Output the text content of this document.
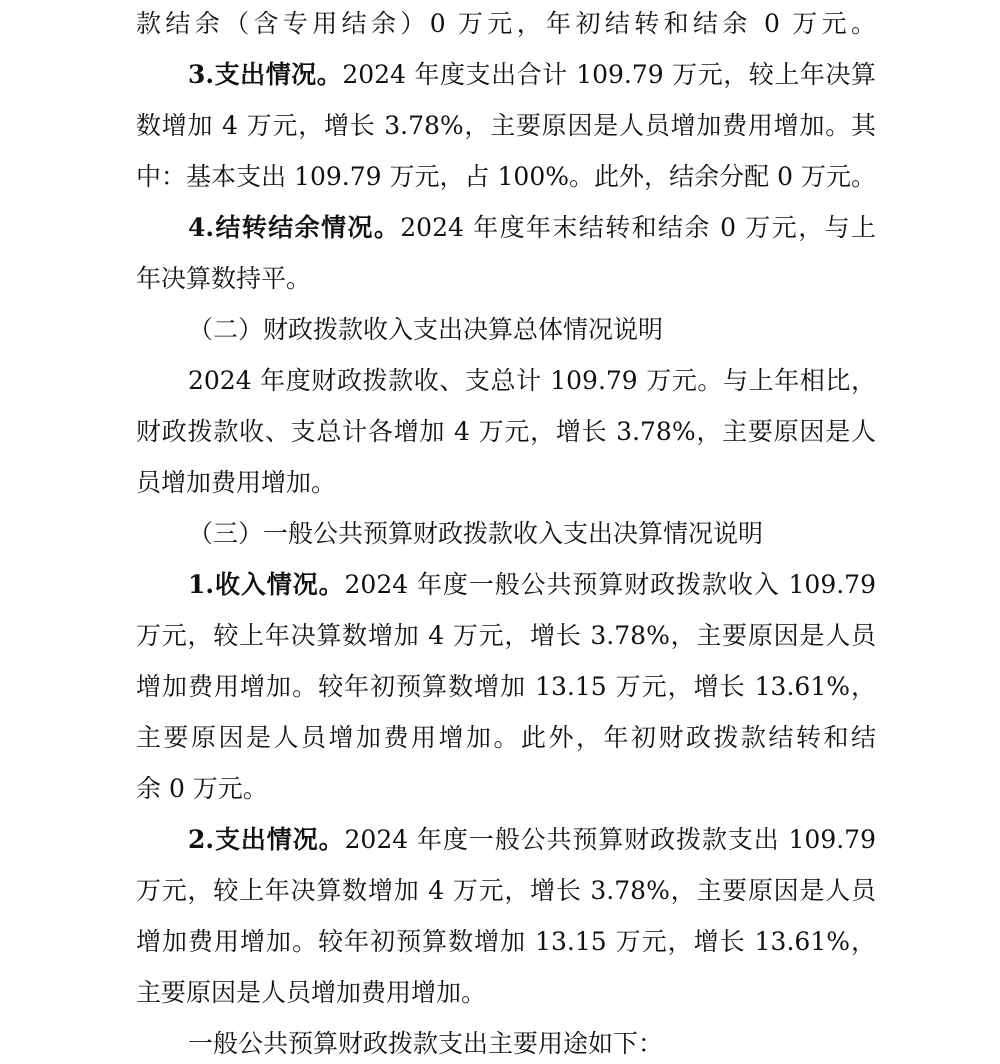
款结余（含专用结余）0 万元，年初结转和结余 0 万元。
3.支出情况。2024 年度支出合计 109.79 万元，较上年决算
数增加 4 万元，增长 3.78%，主要原因是人员增加费用增加。其
中：基本支出 109.79 万元，占 100%。此外，结余分配 0 万元。
4.结转结余情况。2024 年度年末结转和结余 0 万元，与上
年决算数持平。
（二）财政拨款收入支出决算总体情况说明
2024 年度财政拨款收、支总计 109.79 万元。与上年相比，
财政拨款收、支总计各增加 4 万元，增长 3.78%，主要原因是人
员增加费用增加。
（三）一般公共预算财政拨款收入支出决算情况说明
1.收入情况。2024 年度一般公共预算财政拨款收入 109.79
万元，较上年决算数增加 4 万元，增长 3.78%，主要原因是人员
增加费用增加。较年初预算数增加 13.15 万元，增长 13.61%，
主要原因是人员增加费用增加。此外，年初财政拨款结转和结
余 0 万元。
2.支出情况。2024 年度一般公共预算财政拨款支出 109.79
万元，较上年决算数增加 4 万元，增长 3.78%，主要原因是人员
增加费用增加。较年初预算数增加 13.15 万元，增长 13.61%，
主要原因是人员增加费用增加。
一般公共预算财政拨款支出主要用途如下：
